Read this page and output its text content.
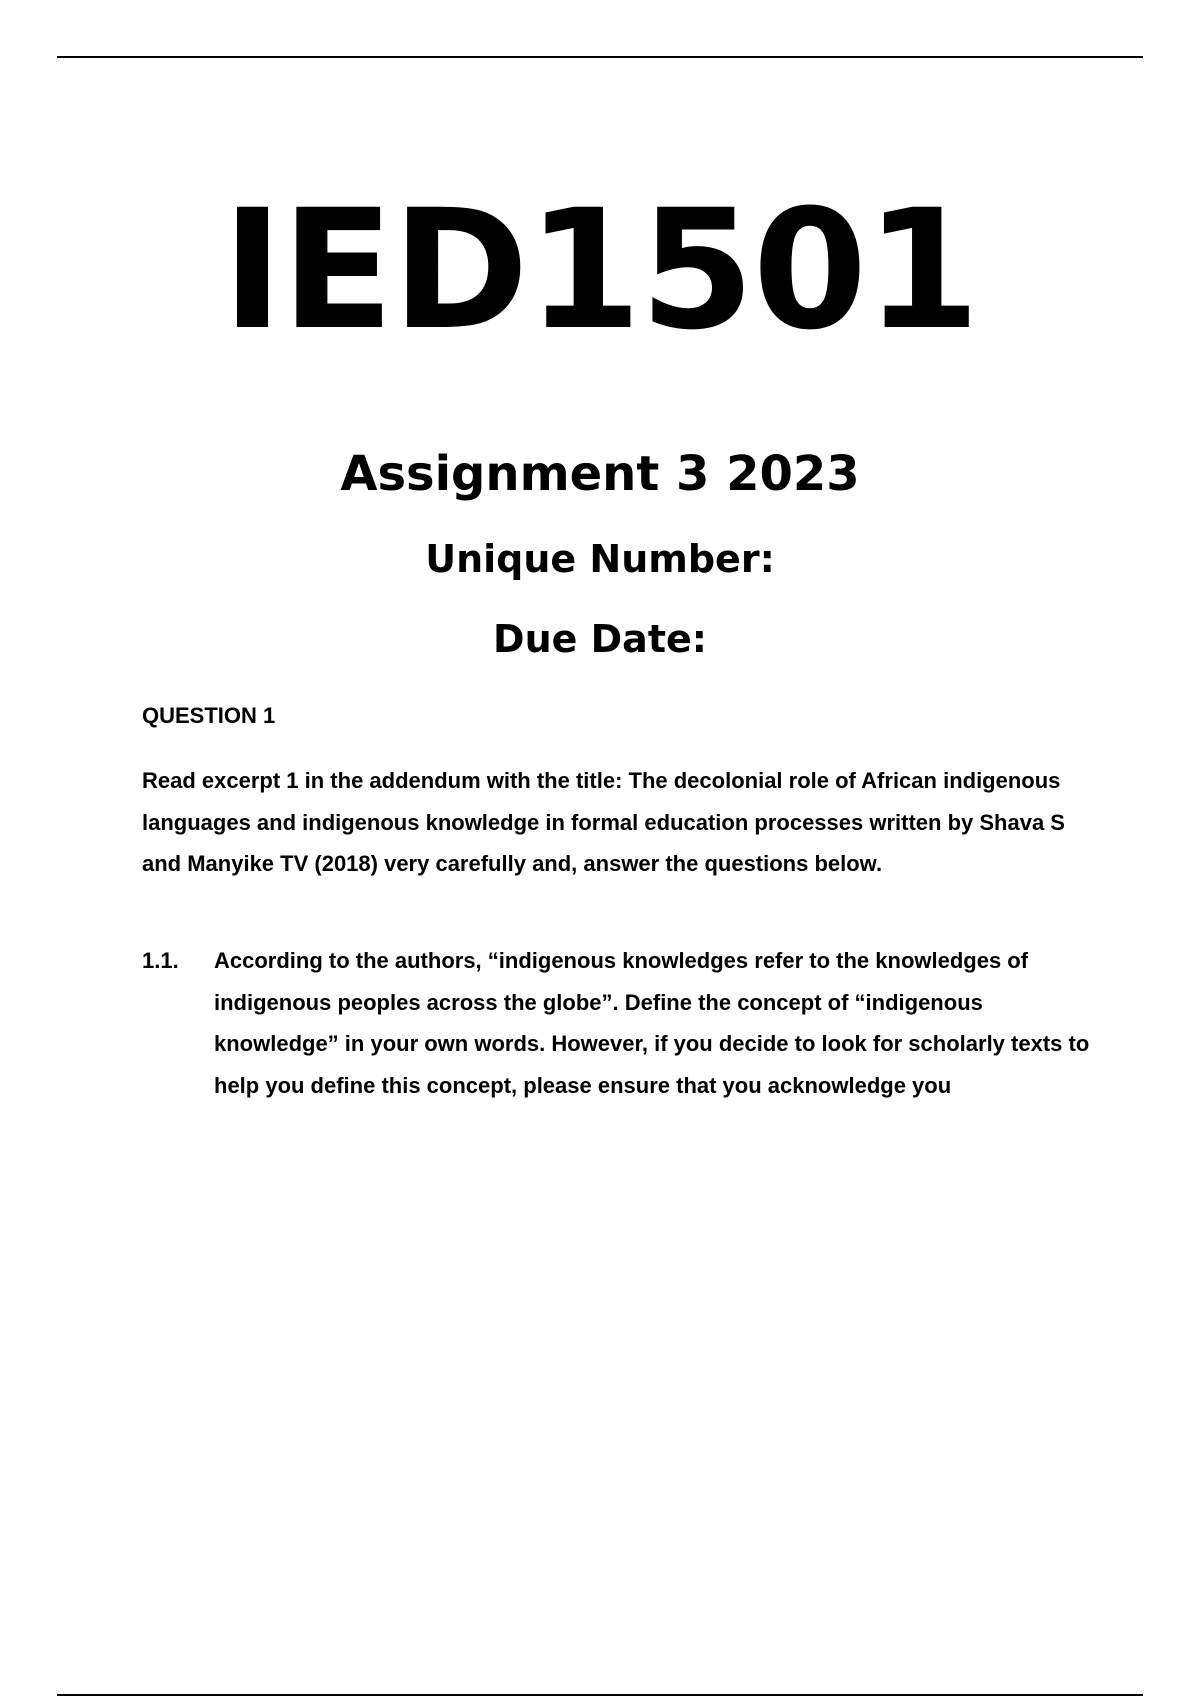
IED1501
Assignment 3 2023
Unique Number:
Due Date:
QUESTION 1

Read excerpt 1 in the addendum with the title: The decolonial role of African indigenous languages and indigenous knowledge in formal education processes written by Shava S and Manyike TV (2018) very carefully and, answer the questions below.

1.1. According to the authors, “indigenous knowledges refer to the knowledges of indigenous peoples across the globe”. Define the concept of “indigenous knowledge” in your own words. However, if you decide to look for scholarly texts to help you define this concept, please ensure that you acknowledge you
